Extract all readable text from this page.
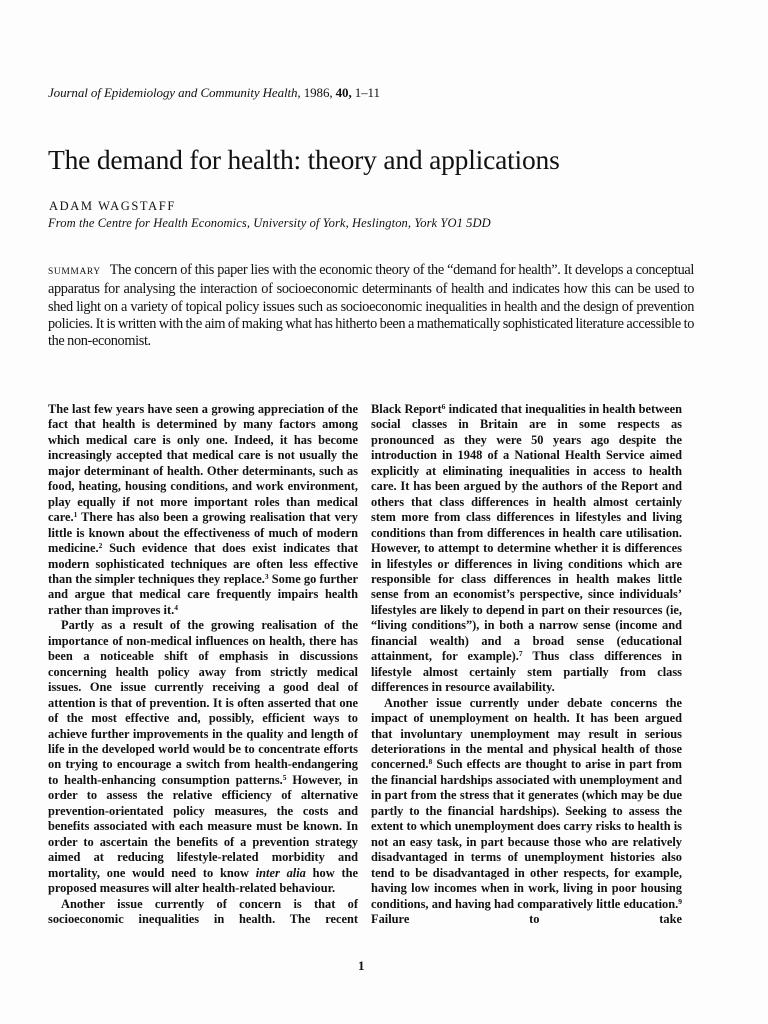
Journal of Epidemiology and Community Health, 1986, 40, 1–11
The demand for health: theory and applications
ADAM WAGSTAFF
From the Centre for Health Economics, University of York, Heslington, York YO1 5DD
SUMMARY The concern of this paper lies with the economic theory of the “demand for health”. It develops a conceptual apparatus for analysing the interaction of socioeconomic determinants of health and indicates how this can be used to shed light on a variety of topical policy issues such as socioeconomic inequalities in health and the design of prevention policies. It is written with the aim of making what has hitherto been a mathematically sophisticated literature accessible to the non-economist.

The last few years have seen a growing appreciation of the fact that health is determined by many factors among which medical care is only one. Indeed, it has become increasingly accepted that medical care is not usually the major determinant of health. Other determinants, such as food, heating, housing conditions, and work environment, play equally if not more important roles than medical care.$^1$ There has also been a growing realisation that very little is known about the effectiveness of much of modern medicine.$^2$ Such evidence that does exist indicates that modern sophisticated techniques are often less effective than the simpler techniques they replace.$^3$ Some go further and argue that medical care frequently impairs health rather than improves it.$^4$

Partly as a result of the growing realisation of the importance of non-medical influences on health, there has been a noticeable shift of emphasis in discussions concerning health policy away from strictly medical issues. One issue currently receiving a good deal of attention is that of prevention. It is often asserted that one of the most effective and, possibly, efficient ways to achieve further improvements in the quality and length of life in the developed world would be to concentrate efforts on trying to encourage a switch from health-endangering to health-enhancing consumption patterns.$^5$ However, in order to assess the relative efficiency of alternative prevention-orientated policy measures, the costs and benefits associated with each measure must be known. In order to ascertain the benefits of a prevention strategy aimed at reducing lifestyle-related morbidity and mortality, one would need to know inter alia how the proposed measures will alter health-related behaviour.

Another issue currently of concern is that of socioeconomic inequalities in health. The recent

Black Report$^6$ indicated that inequalities in health between social classes in Britain are in some respects as pronounced as they were 50 years ago despite the introduction in 1948 of a National Health Service aimed explicitly at eliminating inequalities in access to health care. It has been argued by the authors of the Report and others that class differences in health almost certainly stem more from class differences in lifestyles and living conditions than from differences in health care utilisation. However, to attempt to determine whether it is differences in lifestyles or differences in living conditions which are responsible for class differences in health makes little sense from an economist’s perspective, since individuals’ lifestyles are likely to depend in part on their resources (ie, “living conditions”), in both a narrow sense (income and financial wealth) and a broad sense (educational attainment, for example).$^7$ Thus class differences in lifestyle almost certainly stem partially from class differences in resource availability.

Another issue currently under debate concerns the impact of unemployment on health. It has been argued that involuntary unemployment may result in serious deteriorations in the mental and physical health of those concerned.$^8$ Such effects are thought to arise in part from the financial hardships associated with unemployment and in part from the stress that it generates (which may be due partly to the financial hardships). Seeking to assess the extent to which unemployment does carry risks to health is not an easy task, in part because those who are relatively disadvantaged in terms of unemployment histories also tend to be disadvantaged in other respects, for example, having low incomes when in work, living in poor housing conditions, and having had comparatively little education.$^9$ Failure to take

1
